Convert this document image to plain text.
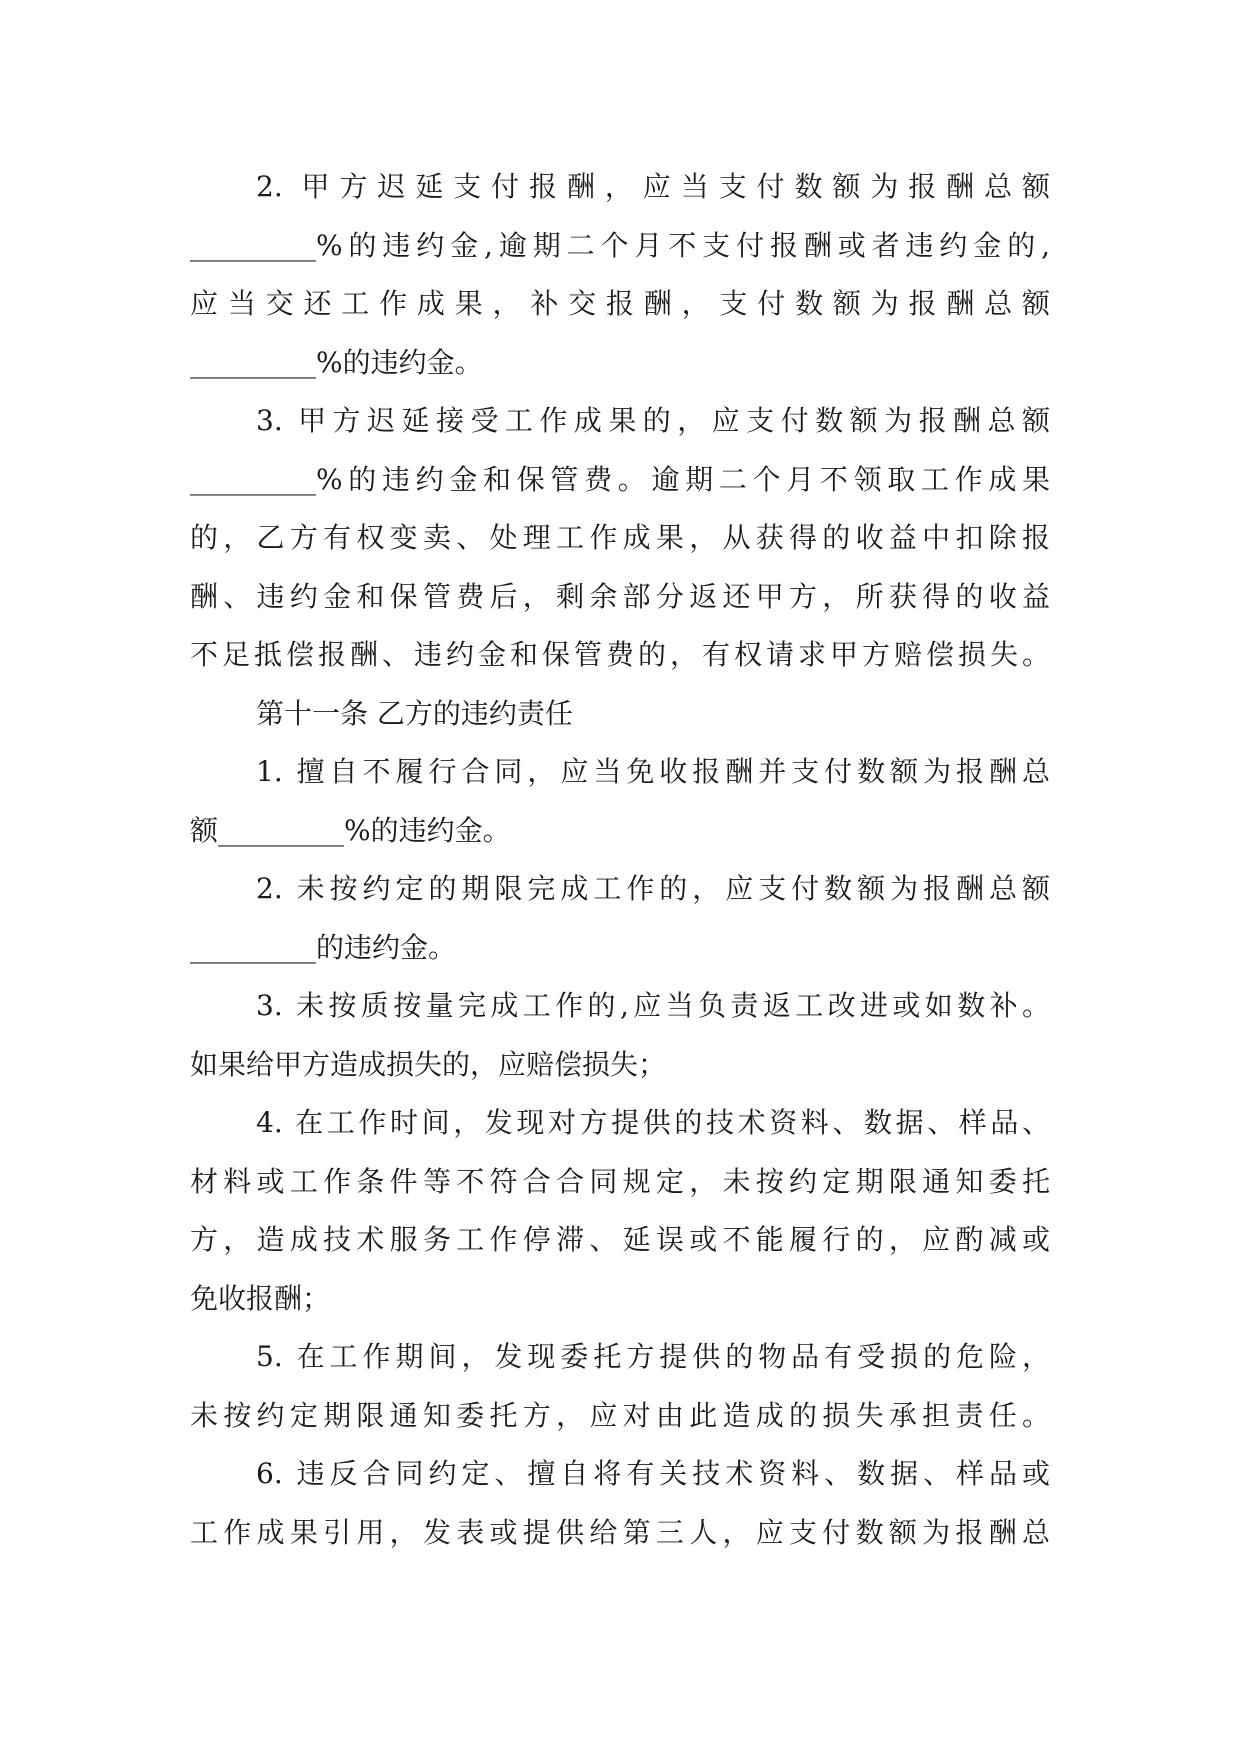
2. 甲方迟延支付报酬，应当支付数额为报酬总额
_________%的违约金,逾期二个月不支付报酬或者违约金的,
应当交还工作成果，补交报酬，支付数额为报酬总额
_________%的违约金。
3. 甲方迟延接受工作成果的，应支付数额为报酬总额
_________%的违约金和保管费。逾期二个月不领取工作成果
的，乙方有权变卖、处理工作成果，从获得的收益中扣除报
酬、违约金和保管费后，剩余部分返还甲方，所获得的收益
不足抵偿报酬、违约金和保管费的，有权请求甲方赔偿损失。
第十一条 乙方的违约责任
1. 擅自不履行合同，应当免收报酬并支付数额为报酬总
额_________%的违约金。
2. 未按约定的期限完成工作的，应支付数额为报酬总额
_________的违约金。
3. 未按质按量完成工作的,应当负责返工改进或如数补。
如果给甲方造成损失的，应赔偿损失；
4. 在工作时间，发现对方提供的技术资料、数据、样品、
材料或工作条件等不符合合同规定，未按约定期限通知委托
方，造成技术服务工作停滞、延误或不能履行的，应酌减或
免收报酬；
5. 在工作期间，发现委托方提供的物品有受损的危险，
未按约定期限通知委托方，应对由此造成的损失承担责任。
6. 违反合同约定、擅自将有关技术资料、数据、样品或
工作成果引用，发表或提供给第三人，应支付数额为报酬总
